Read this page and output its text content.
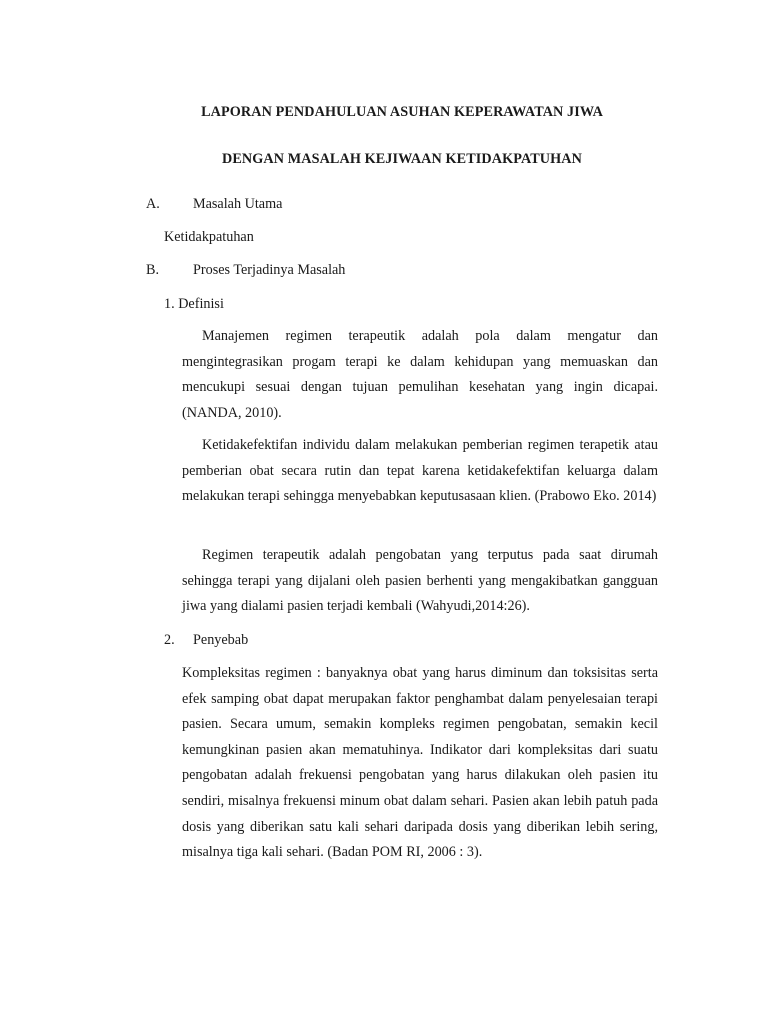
LAPORAN PENDAHULUAN ASUHAN KEPERAWATAN JIWA
DENGAN MASALAH KEJIWAAN KETIDAKPATUHAN
A. Masalah Utama
Ketidakpatuhan
B. Proses Terjadinya Masalah
1. Definisi

Manajemen regimen terapeutik adalah pola dalam mengatur dan mengintegrasikan progam terapi ke dalam kehidupan yang memuaskan dan mencukupi sesuai dengan tujuan pemulihan kesehatan yang ingin dicapai. (NANDA, 2010).

Ketidakefektifan individu dalam melakukan pemberian regimen terapetik atau pemberian obat secara rutin dan tepat karena ketidakefektifan keluarga dalam melakukan terapi sehingga menyebabkan keputusasaan klien. (Prabowo Eko. 2014)

Regimen terapeutik adalah pengobatan yang terputus pada saat dirumah sehingga terapi yang dijalani oleh pasien berhenti yang mengakibatkan gangguan jiwa yang dialami pasien terjadi kembali (Wahyudi,2014:26).

2. Penyebab

Kompleksitas regimen : banyaknya obat yang harus diminum dan toksisitas serta efek samping obat dapat merupakan faktor penghambat dalam penyelesaian terapi pasien. Secara umum, semakin kompleks regimen pengobatan, semakin kecil kemungkinan pasien akan mematuhinya. Indikator dari kompleksitas dari suatu pengobatan adalah frekuensi pengobatan yang harus dilakukan oleh pasien itu sendiri, misalnya frekuensi minum obat dalam sehari. Pasien akan lebih patuh pada dosis yang diberikan satu kali sehari daripada dosis yang diberikan lebih sering, misalnya tiga kali sehari. (Badan POM RI, 2006 : 3).
